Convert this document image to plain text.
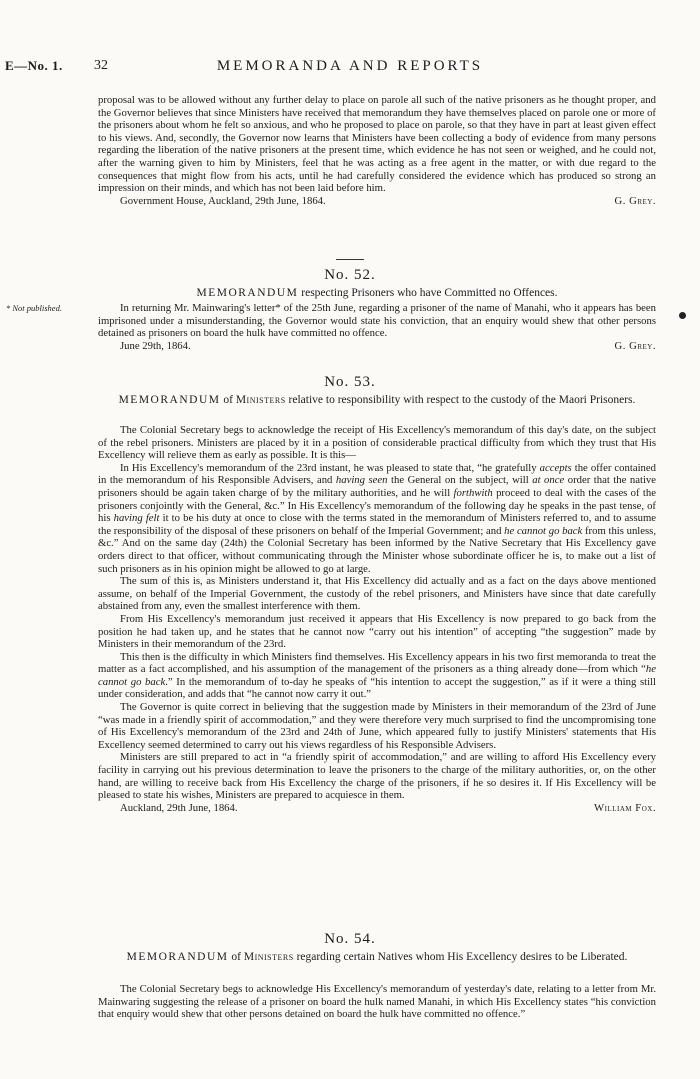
E—No. 1. 32	MEMORANDA AND REPORTS

proposal was to be allowed without any further delay to place on parole all such of the native prisoners as he thought proper, and the Governor believes that since Ministers have received that memorandum they have themselves placed on parole one or more of the prisoners about whom he felt so anxious, and who he proposed to place on parole, so that they have in part at least given effect to his views. And, secondly, the Governor now learns that Ministers have been collecting a body of evidence from many persons regarding the liberation of the native prisoners at the present time, which evidence he has not seen or weighed, and he could not, after the warning given to him by Ministers, feel that he was acting as a free agent in the matter, or with due regard to the consequences that might flow from his acts, until he had carefully considered the evidence which has produced so strong an impression on their minds, and which has not been laid before him.

Government House, Auckland, 29th June, 1864.	G. Grey.
No. 52.
MEMORANDUM respecting Prisoners who have Committed no Offences.
* Not published.	In returning Mr. Mainwaring's letter* of the 25th June, regarding a prisoner of the name of Manahi, who it appears has been imprisoned under a misunderstanding, the Governor would state his conviction, that an enquiry would shew that other persons detained as prisoners on board the hulk have committed no offence.

June 29th, 1864.	G. Grey.
No. 53.
MEMORANDUM of Ministers relative to responsibility with respect to the custody of the Maori Prisoners.

The Colonial Secretary begs to acknowledge the receipt of His Excellency's memorandum of this day's date, on the subject of the rebel prisoners. Ministers are placed by it in a position of considerable practical difficulty from which they trust that His Excellency will relieve them as early as possible. It is this—

In His Excellency's memorandum of the 23rd instant, he was pleased to state that, “he gratefully accepts the offer contained in the memorandum of his Responsible Advisers, and having seen the General on the subject, will at once order that the native prisoners should be again taken charge of by the military authorities, and he will forthwith proceed to deal with the cases of the prisoners conjointly with the General, &c.” In His Excellency's memorandum of the following day he speaks in the past tense, of his having felt it to be his duty at once to close with the terms stated in the memorandum of Ministers referred to, and to assume the responsibility of the disposal of these prisoners on behalf of the Imperial Government; and he cannot go back from this unless, &c.” And on the same day (24th) the Colonial Secretary has been informed by the Native Secretary that His Excellency gave orders direct to that officer, without communicating through the Minister whose subordinate officer he is, to make out a list of such prisoners as in his opinion might be allowed to go at large.

The sum of this is, as Ministers understand it, that His Excellency did actually and as a fact on the days above mentioned assume, on behalf of the Imperial Government, the custody of the rebel prisoners, and Ministers have since that date carefully abstained from any, even the smallest interference with them.

From His Excellency's memorandum just received it appears that His Excellency is now prepared to go back from the position he had taken up, and he states that he cannot now “carry out his intention” of accepting “the suggestion” made by Ministers in their memorandum of the 23rd.

This then is the difficulty in which Ministers find themselves. His Excellency appears in his two first memoranda to treat the matter as a fact accomplished, and his assumption of the management of the prisoners as a thing already done—from which “he cannot go back.” In the memorandum of to-day he speaks of “his intention to accept the suggestion,” as if it were a thing still under consideration, and adds that “he cannot now carry it out.”

The Governor is quite correct in believing that the suggestion made by Ministers in their memorandum of the 23rd of June “was made in a friendly spirit of accommodation,” and they were therefore very much surprised to find the uncompromising tone of His Excellency's memorandum of the 23rd and 24th of June, which appeared fully to justify Ministers' statements that His Excellency seemed determined to carry out his views regardless of his Responsible Advisers.

Ministers are still prepared to act in “a friendly spirit of accommodation,” and are willing to afford His Excellency every facility in carrying out his previous determination to leave the prisoners to the charge of the military authorities, or, on the other hand, are willing to receive back from His Excellency the charge of the prisoners, if he so desires it. If His Excellency will be pleased to state his wishes, Ministers are prepared to acquiesce in them.

Auckland, 29th June, 1864.	William Fox.
No. 54.
MEMORANDUM of Ministers regarding certain Natives whom His Excellency desires to be Liberated.

The Colonial Secretary begs to acknowledge His Excellency's memorandum of yesterday's date, relating to a letter from Mr. Mainwaring suggesting the release of a prisoner on board the hulk named Manahi, in which His Excellency states “his conviction that enquiry would shew that other persons detained on board the hulk have committed no offence.”
